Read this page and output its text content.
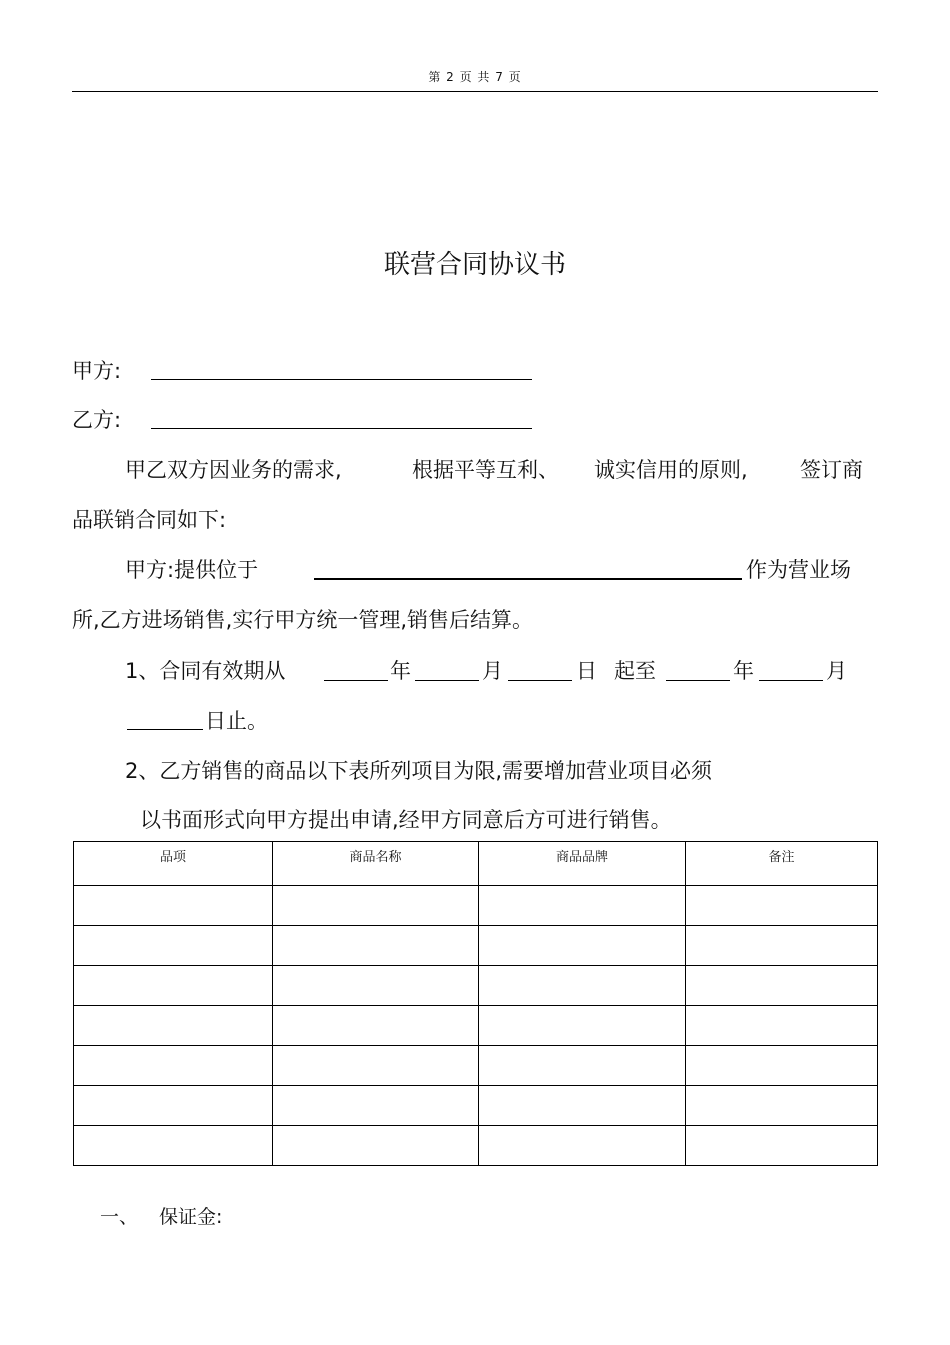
第 2 页 共 7 页
联营合同协议书
甲方:
乙方:
甲乙双方因业务的需求,	根据平等互利、 诚实信用的原则, 签订商
品联销合同如下:
甲方:提供位于	作为营业场
所,乙方进场销售,实行甲方统一管理,销售后结算。
1、合同有效期从	年	月	日 起至	年	月
日止。
2、乙方销售的商品以下表所列项目为限,需要增加营业项目必须
以书面形式向甲方提出申请,经甲方同意后方可进行销售。
品项	商品名称	商品品牌	备注

一、 保证金:
